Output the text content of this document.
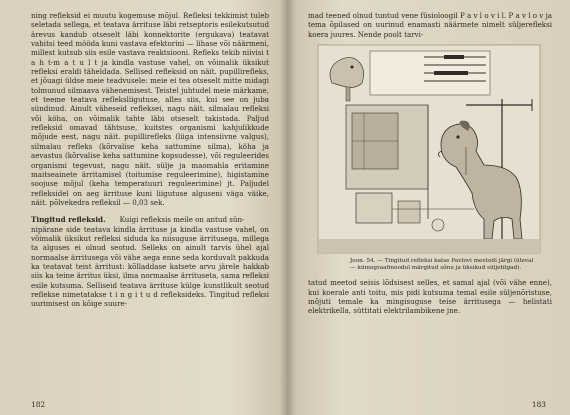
ning refleksid ei muutu kogemuse mõjul. Refleksi tekkimist tuleb seletada sellega, et teatava ärrituse läbi retseptoris esilekutsutud ärevus kandub otseselt läbi konnektorite (ergukava) teatavat vahitsi teed mööda kuni vastava efektorini — lihase või näärmeni, millest kutsub siis esile vastava reaktsiooni. Refleks tekib niivisi t a h t-m a t u l t ja kindla vastuse vahel, on võimalik üksikut refleksi eraldi täheldada. Sellised refleksid on näit. pupillirefleks, et jõuagi üldse meie teadvusele: meie ei tea otseselt mitte midagi tolmunud silmaava vähenemisest. Teistel juhtudel meie märkame, et teeme teatava refleksliigutuse, alles siis, kui see on juba sündinud. Ainult väheseid refleksei, nagu näit. silmalau refleksi või köha, on võimalik tahte läbi otseselt takistada. Paljud refleksid omavad tähtsuse, kuitstes organismi kahjulikkude mõjude eest, nagu näit. pupillirefleks (liiga intensiivne valgus), silmalau refleks (kõrvalise keha sattumine silma), köha ja aevastus (kõrvalise keha sattumine kopsudesse), või reguleerides organismi tegevust, nagu näit. sülje ja maomahla eritamine maitseainete ärritamisel (toitumise reguleerimine), higistamine soojuse mõjul (keha temperatuuri reguleerimine) jt. Paljudel refleksidel on aeg ärrituse kuni liigutuse alguseni väga väike, näit. põlvekedra refleksil — 0,03 sek.

Tingitud refleksid. Kuigi refleksis meile on antud sün-

nipärane side teatava kindla ärrituse ja kindla vastuse vahel, on võimalik üksikut refleksi siduda ka niisuguse ärritusega, millega ta alguses ei olnud seotud. Selleks on ainult tarvis ühel ajal normaalse ärritusega või vähe aega enne seda korduvalt pakkuda ka teatavat teist ärritust: kõlladdase katsete arvu järele hakkab siis ka teine ärritus üksi, ilma normaalse ärrituseta, sama refleksi esile kutsuma. Selliseid teatava ärrituse külge kunstlikult seotud reflekse nimetatakse t i n g i t u d refleksideks. Tingitud refleksi uurimisest on kõige suure-

182

mad teened olnud tuntud vene füsioloogil P a v l o v i l. P a v l o v ja tema õpilased on uurinud enamasti näärmete nimelt süljerefleksi koera juures. Nende poolt tarvi-

Joon. 54. — Tingitud refleksi katse Pavlovi meetodi järgi (üleval — kümograafmoodul märgitud sõnu ja üksikud süljetilgad).

tatud meetod seisis lõdsisest selles, et samal ajal (või vähe enne), kui koerale anti toitu, mis pidi kutsuma temal esile süljenõristuse, mõjuti temale ka mingisuguse teise ärritusega — helistati elektrikella, süttitati elektrilambikene jne.

183
